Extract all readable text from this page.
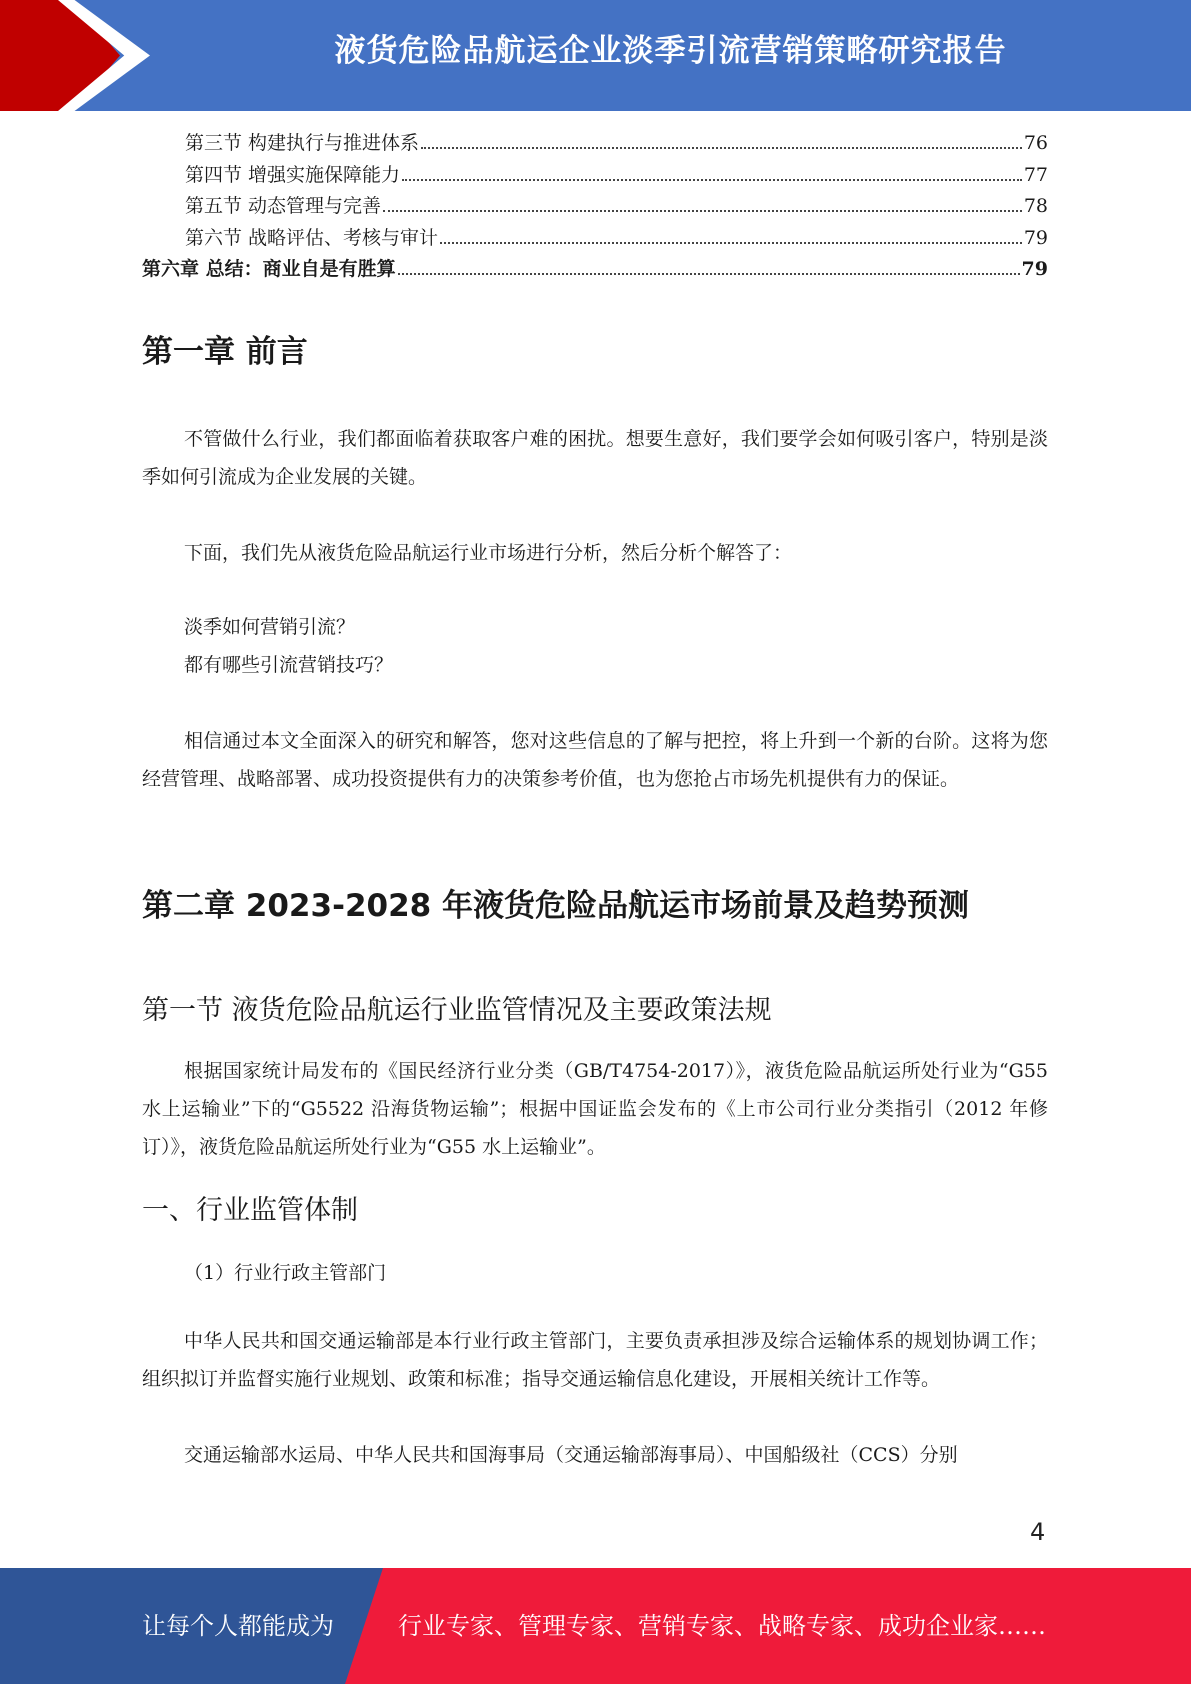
液货危险品航运企业淡季引流营销策略研究报告
第三节 构建执行与推进体系	76
第四节 增强实施保障能力	77
第五节 动态管理与完善	78
第六节 战略评估、考核与审计	79
第六章 总结：商业自是有胜算	79
第一章 前言

不管做什么行业，我们都面临着获取客户难的困扰。想要生意好，我们要学会如何吸引客户，特别是淡季如何引流成为企业发展的关键。

下面，我们先从液货危险品航运行业市场进行分析，然后分析个解答了：

淡季如何营销引流？

都有哪些引流营销技巧？

相信通过本文全面深入的研究和解答，您对这些信息的了解与把控，将上升到一个新的台阶。这将为您经营管理、战略部署、成功投资提供有力的决策参考价值，也为您抢占市场先机提供有力的保证。

第二章 2023-2028 年液货危险品航运市场前景及趋势预测
第一节 液货危险品航运行业监管情况及主要政策法规

根据国家统计局发布的《国民经济行业分类（GB/T4754-2017）》，液货危险品航运所处行业为“G55 水上运输业”下的“G5522 沿海货物运输”；根据中国证监会发布的《上市公司行业分类指引（2012 年修订）》，液货危险品航运所处行业为“G55 水上运输业”。

一、行业监管体制

（1）行业行政主管部门

中华人民共和国交通运输部是本行业行政主管部门，主要负责承担涉及综合运输体系的规划协调工作；组织拟订并监督实施行业规划、政策和标准；指导交通运输信息化建设，开展相关统计工作等。

交通运输部水运局、中华人民共和国海事局（交通运输部海事局）、中国船级社（CCS）分别

4
让每个人都能成为	行业专家、管理专家、营销专家、战略专家、成功企业家……
